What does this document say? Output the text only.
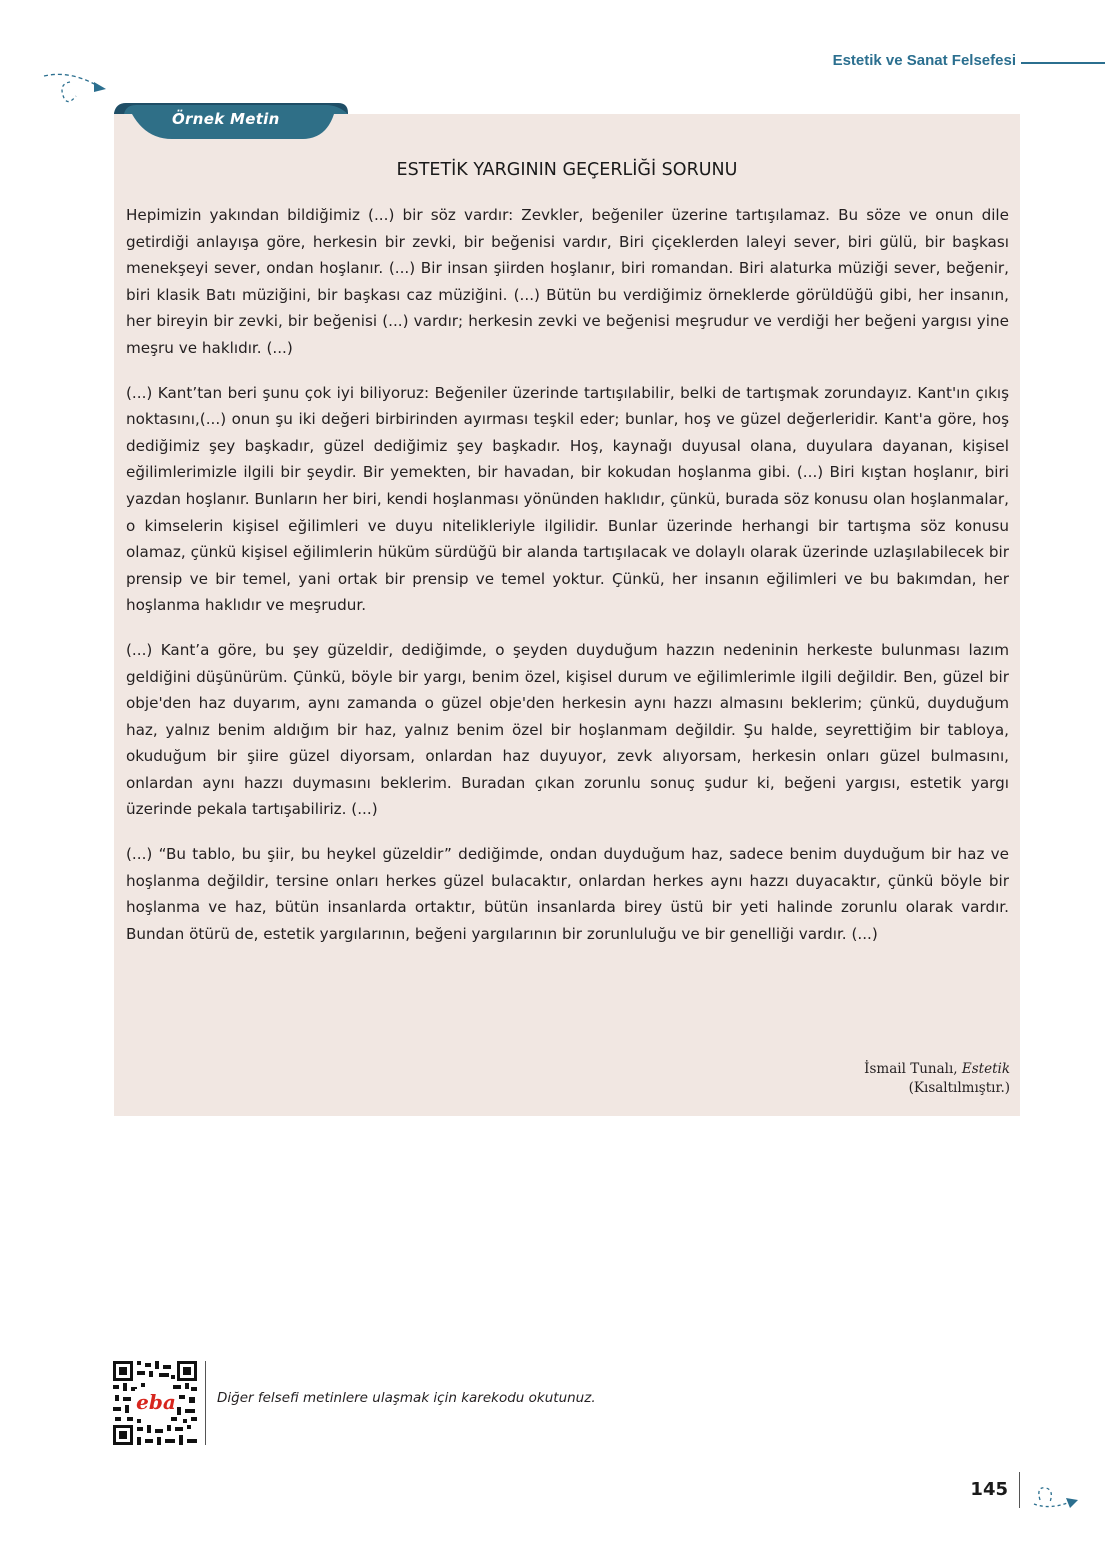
Estetik ve Sanat Felsefesi
Örnek Metin
ESTETİK YARGININ GEÇERLİĞİ SORUNU

Hepimizin yakından bildiğimiz (...) bir söz vardır: Zevkler, beğeniler üzerine tartışılamaz. Bu söze ve onun dile getirdiği anlayışa göre, herkesin bir zevki, bir beğenisi vardır, Biri çiçeklerden laleyi sever, biri gülü, bir başkası menekşeyi sever, ondan hoşlanır. (...) Bir insan şiirden hoşlanır, biri romandan. Biri alaturka müziği sever, beğenir, biri klasik Batı müziğini, bir başkası caz müziğini. (...) Bütün bu verdiğimiz örneklerde görüldüğü gibi, her insanın, her bireyin bir zevki, bir beğenisi (...) vardır; herkesin zevki ve beğenisi meşrudur ve verdiği her beğeni yargısı yine meşru ve haklıdır. (...)

(...) Kant’tan beri şunu çok iyi biliyoruz: Beğeniler üzerinde tartışılabilir, belki de tartışmak zorundayız. Kant'ın çıkış noktasını,(...) onun şu iki değeri birbirinden ayırması teşkil eder; bunlar, hoş ve güzel değerleridir. Kant'a göre, hoş dediğimiz şey başkadır, güzel dediğimiz şey başkadır. Hoş, kaynağı duyusal olana, duyulara dayanan, kişisel eğilimlerimizle ilgili bir şeydir. Bir yemekten, bir havadan, bir kokudan hoşlanma gibi. (...) Biri kıştan hoşlanır, biri yazdan hoşlanır. Bunların her biri, kendi hoşlanması yönünden haklıdır, çünkü, burada söz konusu olan hoşlanmalar, o kimselerin kişisel eğilimleri ve duyu nitelikleriyle ilgilidir. Bunlar üzerinde herhangi bir tartışma söz konusu olamaz, çünkü kişisel eğilimlerin hüküm sürdüğü bir alanda tartışılacak ve dolaylı olarak üzerinde uzlaşılabilecek bir prensip ve bir temel, yani ortak bir prensip ve temel yoktur. Çünkü, her insanın eğilimleri ve bu bakımdan, her hoşlanma haklıdır ve meşrudur.

(...) Kant’a göre, bu şey güzeldir, dediğimde, o şeyden duyduğum hazzın nedeninin herkeste bulunması lazım geldiğini düşünürüm. Çünkü, böyle bir yargı, benim özel, kişisel durum ve eğilimlerimle ilgili değildir. Ben, güzel bir obje'den haz duyarım, aynı zamanda o güzel obje'den herkesin aynı hazzı almasını beklerim; çünkü, duyduğum haz, yalnız benim aldığım bir haz, yalnız benim özel bir hoşlanmam değildir. Şu halde, seyrettiğim bir tabloya, okuduğum bir şiire güzel diyorsam, onlardan haz duyuyor, zevk alıyorsam, herkesin onları güzel bulmasını, onlardan aynı hazzı duymasını beklerim. Buradan çıkan zorunlu sonuç şudur ki, beğeni yargısı, estetik yargı üzerinde pekala tartışabiliriz. (...)

(...) “Bu tablo, bu şiir, bu heykel güzeldir” dediğimde, ondan duyduğum haz, sadece benim duyduğum bir haz ve hoşlanma değildir, tersine onları herkes güzel bulacaktır, onlardan herkes aynı hazzı duyacaktır, çünkü böyle bir hoşlanma ve haz, bütün insanlarda ortaktır, bütün insanlarda birey üstü bir yeti halinde zorunlu olarak vardır. Bundan ötürü de, estetik yargılarının, beğeni yargılarının bir zorunluluğu ve bir genelliği vardır. (...)

İsmail Tunalı, Estetik
(Kısaltılmıştır.)
eba	Diğer felsefi metinlere ulaşmak için karekodu okutunuz.
145
